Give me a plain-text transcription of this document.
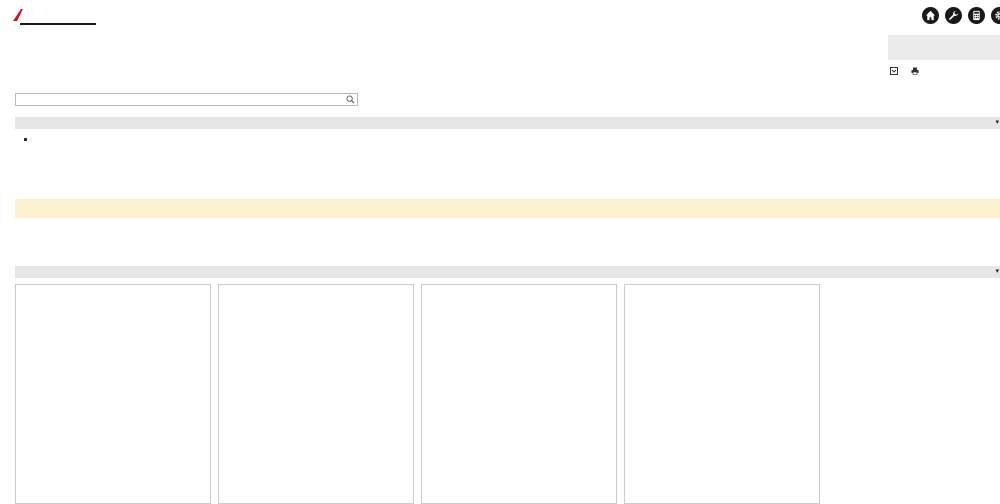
▾

▾
